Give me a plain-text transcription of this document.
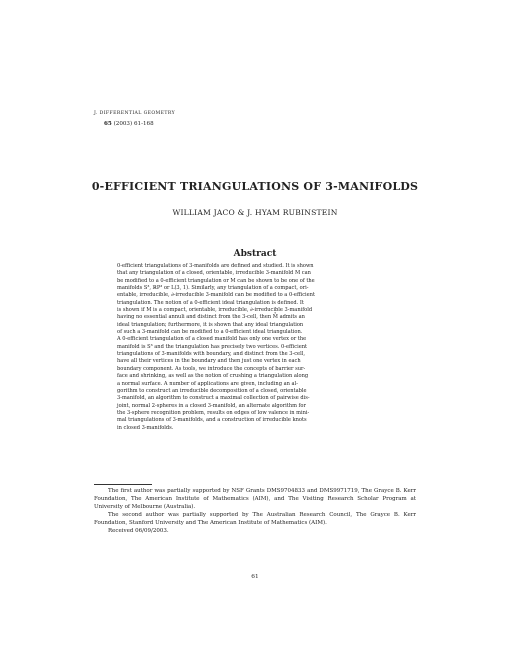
J. DIFFERENTIAL GEOMETRY
65 (2003) 61-168
0-EFFICIENT TRIANGULATIONS OF 3-MANIFOLDS
WILLIAM JACO & J. HYAM RUBINSTEIN
Abstract

0-efficient triangulations of 3-manifolds are defined and studied. It is shown

that any triangulation of a closed, orientable, irreducible 3-manifold M can

be modified to a 0-efficient triangulation or M can be shown to be one of the

manifolds S³, ℝP³ or L(3, 1). Similarly, any triangulation of a compact, ori-

entable, irreducible, ∂-irreducible 3-manifold can be modified to a 0-efficient

triangulation. The notion of a 0-efficient ideal triangulation is defined. It

is shown if M is a compact, orientable, irreducible, ∂-irreducible 3-manifold

having no essential annuli and distinct from the 3-cell, then M̊ admits an

ideal triangulation; furthermore, it is shown that any ideal triangulation

of such a 3-manifold can be modified to a 0-efficient ideal triangulation.

A 0-efficient triangulation of a closed manifold has only one vertex or the

manifold is S³ and the triangulation has precisely two vertices. 0-efficient

triangulations of 3-manifolds with boundary, and distinct from the 3-cell,

have all their vertices in the boundary and then just one vertex in each

boundary component. As tools, we introduce the concepts of barrier sur-

face and shrinking, as well as the notion of crushing a triangulation along

a normal surface. A number of applications are given, including an al-

gorithm to construct an irreducible decomposition of a closed, orientable

3-manifold, an algorithm to construct a maximal collection of pairwise dis-

joint, normal 2-spheres in a closed 3-manifold, an alternate algorithm for

the 3-sphere recognition problem, results on edges of low valence in mini-

mal triangulations of 3-manifolds, and a construction of irreducible knots

in closed 3-manifolds.

The first author was partially supported by NSF Grants DMS9704833 and DMS9971719, The Grayce B. Kerr Foundation, The American Institute of Mathematics (AIM), and The Visiting Research Scholar Program at University of Melbourne (Australia).

The second author was partially supported by The Australian Research Council, The Grayce B. Kerr Foundation, Stanford University and The American Institute of Mathematics (AIM).

Received 06/09/2003.

61
